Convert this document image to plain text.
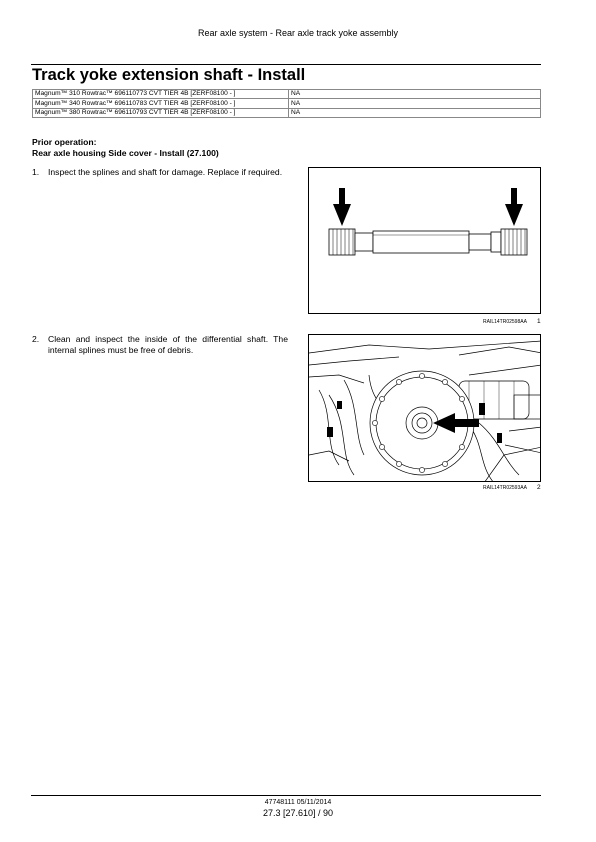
Rear axle system - Rear axle track yoke assembly
Track yoke extension shaft - Install
Magnum™ 310 Rowtrac™ 696110773 CVT TIER 4B [ZERF08100 - ]	NA
Magnum™ 340 Rowtrac™ 696110783 CVT TIER 4B [ZERF08100 - ]	NA
Magnum™ 380 Rowtrac™ 696110793 CVT TIER 4B [ZERF08100 - ]	NA
Prior operation:
Rear axle housing Side cover - Install (27.100)
1.	Inspect the splines and shaft for damage. Replace if required.
2.	Clean and inspect the inside of the differential shaft. The internal splines must be free of debris.
RAIL14TR02598AA 1
RAIL14TR02593AA 2
47748111 05/11/2014
27.3 [27.610] / 90
